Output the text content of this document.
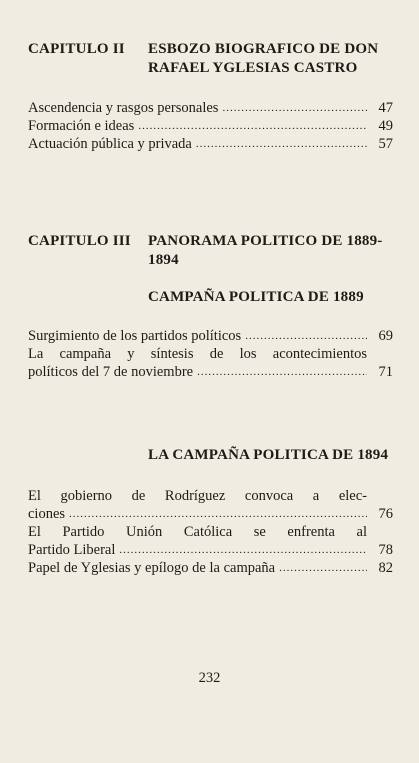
CAPITULO II	ESBOZO BIOGRAFICO DE DON RAFAEL YGLESIAS CASTRO
Ascendencia y rasgos personales .....	47
Formación e ideas .....	49
Actuación pública y privada .....	57
CAPITULO III	PANORAMA POLITICO DE 1889-1894
CAMPAÑA POLITICA DE 1889
Surgimiento de los partidos políticos .....	69
La campaña y síntesis de los acontecimientos
políticos del 7 de noviembre .....	71
LA CAMPAÑA POLITICA DE 1894
El gobierno de Rodríguez convoca a elec-
ciones .....	76
El Partido Unión Católica se enfrenta al
Partido Liberal .....	78
Papel de Yglesias y epílogo de la campaña .....	82
232
